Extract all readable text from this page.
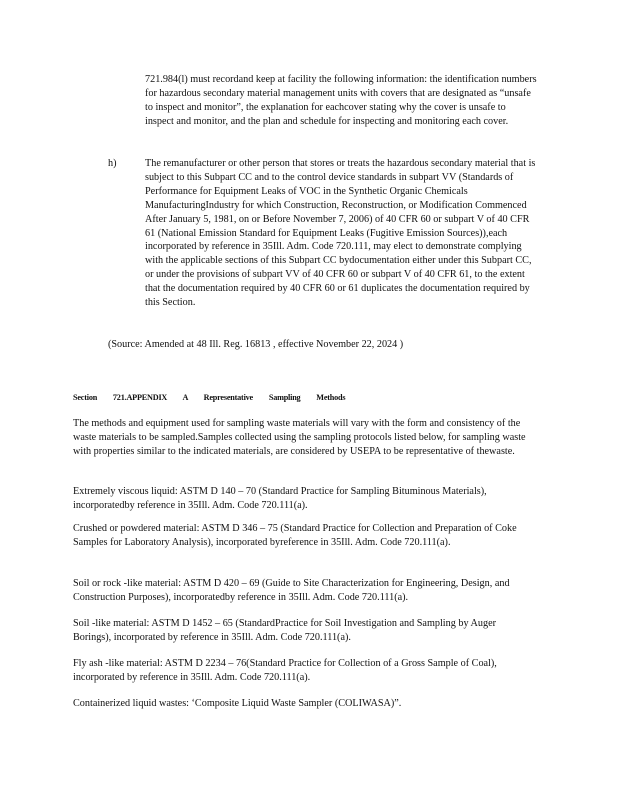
721.984(l) must recordand keep at facility the following information: the identification numbers for hazardous secondary material management units with covers that are designated as “unsafe to inspect and monitor”, the explanation for eachcover stating why the cover is unsafe to inspect and monitor, and the plan and schedule for inspecting and monitoring each cover.
h)	The remanufacturer or other person that stores or treats the hazardous secondary material that is subject to this Subpart CC and to the control device standards in subpart VV (Standards of Performance for Equipment Leaks of VOC in the Synthetic Organic Chemicals ManufacturingIndustry for which Construction, Reconstruction, or Modification Commenced After January 5, 1981, on or Before November 7, 2006) of 40 CFR 60 or subpart V of 40 CFR 61 (National Emission Standard for Equipment Leaks (Fugitive Emission Sources)),each incorporated by reference in 35Ill. Adm. Code 720.111, may elect to demonstrate complying with the applicable sections of this Subpart CC bydocumentation either under this Subpart CC, or under the provisions of subpart VV of 40 CFR 60 or subpart V of 40 CFR 61, to the extent that the documentation required by 40 CFR 60 or 61 duplicates the documentation required by this Section.
(Source: Amended at 48 Ill. Reg. 16813 , effective November 22, 2024 )
Section 721.APPENDIX A Representative Sampling Methods
The methods and equipment used for sampling waste materials will vary with the form and consistency of the waste materials to be sampled.Samples collected using the sampling protocols listed below, for sampling waste with properties similar to the indicated materials, are considered by USEPA to be representative of thewaste.
Extremely viscous liquid: ASTM D 140 – 70 (Standard Practice for Sampling Bituminous Materials), incorporatedby reference in 35Ill. Adm. Code 720.111(a).
Crushed or powdered material: ASTM D 346 – 75 (Standard Practice for Collection and Preparation of Coke Samples for Laboratory Analysis), incorporated byreference in 35Ill. Adm. Code 720.111(a).
Soil or rock -like material: ASTM D 420 – 69 (Guide to Site Characterization for Engineering, Design, and Construction Purposes), incorporatedby reference in 35Ill. Adm. Code 720.111(a).
Soil -like material: ASTM D 1452 – 65 (StandardPractice for Soil Investigation and Sampling by Auger Borings), incorporated by reference in 35Ill. Adm. Code 720.111(a).
Fly ash -like material: ASTM D 2234 – 76(Standard Practice for Collection of a Gross Sample of Coal), incorporated by reference in 35Ill. Adm. Code 720.111(a).
Containerized liquid wastes: ‘Composite Liquid Waste Sampler (COLIWASA)”.
